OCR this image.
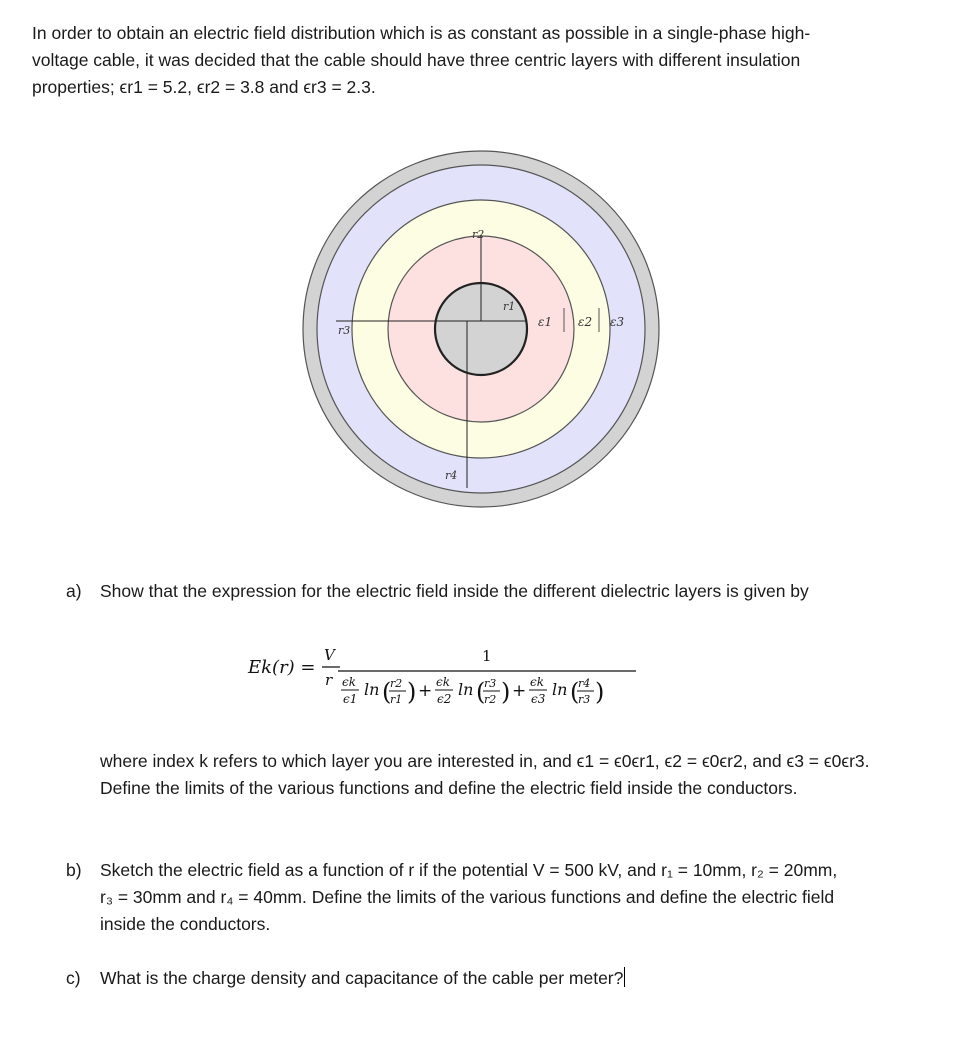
In order to obtain an electric field distribution which is as constant as possible in a single-phase high-
voltage cable, it was decided that the cable should have three centric layers with different insulation
properties; ϵr1 = 5.2, ϵr2 = 3.8 and ϵr3 = 2.3.
r1
r2
r3
r4
ε1 ε2 ε3
a) Show that the expression for the electric field inside the different dielectric layers is given by
Ek(r) =
V
r
1
ϵk
ϵ1 ln (
r2
r1 ) + ϵk
ϵ2 ln (
r3
r2 ) + ϵk
ϵ3 ln (
r4
r3 )
where index k refers to which layer you are interested in, and ϵ1 = ϵ0ϵr1, ϵ2 = ϵ0ϵr2, and ϵ3 = ϵ0ϵr3.
Define the limits of the various functions and define the electric field inside the conductors.
b) Sketch the electric field as a function of r if the potential V = 500 kV, and r₁ = 10mm, r₂ = 20mm,
r₃ = 30mm and r₄ = 40mm. Define the limits of the various functions and define the electric field
inside the conductors.
c) What is the charge density and capacitance of the cable per meter?
